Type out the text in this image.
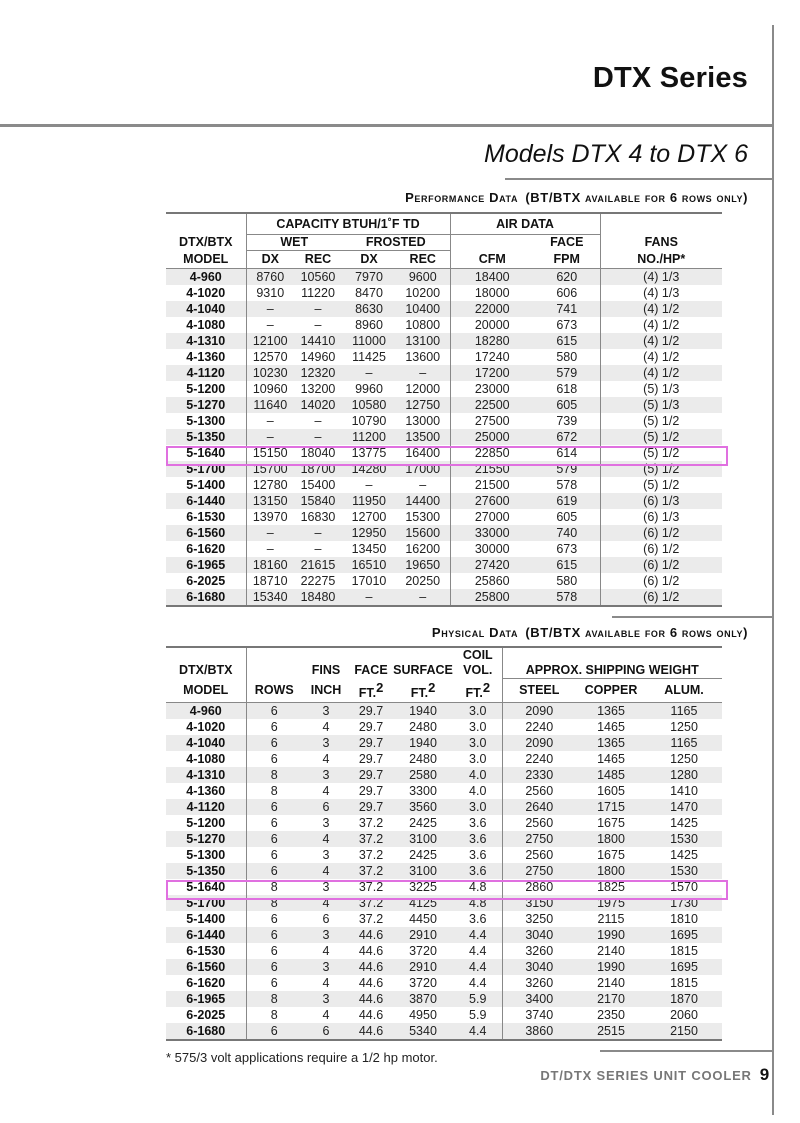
DTX Series
Models DTX 4 to DTX 6
Performance Data (BT/BTX available for 6 rows only)
	CAPACITY BTUH/1˚F TD				AIR DATA		
DTX/BTX	WET		FROSTED			FACE	FANS
MODEL	DX	REC	DX	REC	CFM	FPM	NO./HP*
4-960	8760	10560	7970	9600	18400	620	(4) 1/3
4-1020	9310	11220	8470	10200	18000	606	(4) 1/3
4-1040	–	–	8630	10400	22000	741	(4) 1/2
4-1080	–	–	8960	10800	20000	673	(4) 1/2
4-1310	12100	14410	11000	13100	18280	615	(4) 1/2
4-1360	12570	14960	11425	13600	17240	580	(4) 1/2
4-1120	10230	12320	–	–	17200	579	(4) 1/2
5-1200	10960	13200	9960	12000	23000	618	(5) 1/3
5-1270	11640	14020	10580	12750	22500	605	(5) 1/3
5-1300	–	–	10790	13000	27500	739	(5) 1/2
5-1350	–	–	11200	13500	25000	672	(5) 1/2
5-1640	15150	18040	13775	16400	22850	614	(5) 1/2
5-1700	15700	18700	14280	17000	21550	579	(5) 1/2
5-1400	12780	15400	–	–	21500	578	(5) 1/2
6-1440	13150	15840	11950	14400	27600	619	(6) 1/3
6-1530	13970	16830	12700	15300	27000	605	(6) 1/3
6-1560	–	–	12950	15600	33000	740	(6) 1/2
6-1620	–	–	13450	16200	30000	673	(6) 1/2
6-1965	18160	21615	16510	19650	27420	615	(6) 1/2
6-2025	18710	22275	17010	20250	25860	580	(6) 1/2
6-1680	15340	18480	–	–	25800	578	(6) 1/2
Physical Data (BT/BTX available for 6 rows only)
					COIL			
DTX/BTX		FINS	FACE	SURFACE	VOL.	APPROX. SHIPPING WEIGHT		
MODEL	ROWS	INCH	FT.$^2$	FT.$^2$	FT.$^2$	STEEL	COPPER	ALUM.
4-960	6	3	29.7	1940	3.0	2090	1365	1165
4-1020	6	4	29.7	2480	3.0	2240	1465	1250
4-1040	6	3	29.7	1940	3.0	2090	1365	1165
4-1080	6	4	29.7	2480	3.0	2240	1465	1250
4-1310	8	3	29.7	2580	4.0	2330	1485	1280
4-1360	8	4	29.7	3300	4.0	2560	1605	1410
4-1120	6	6	29.7	3560	3.0	2640	1715	1470
5-1200	6	3	37.2	2425	3.6	2560	1675	1425
5-1270	6	4	37.2	3100	3.6	2750	1800	1530
5-1300	6	3	37.2	2425	3.6	2560	1675	1425
5-1350	6	4	37.2	3100	3.6	2750	1800	1530
5-1640	8	3	37.2	3225	4.8	2860	1825	1570
5-1700	8	4	37.2	4125	4.8	3150	1975	1730
5-1400	6	6	37.2	4450	3.6	3250	2115	1810
6-1440	6	3	44.6	2910	4.4	3040	1990	1695
6-1530	6	4	44.6	3720	4.4	3260	2140	1815
6-1560	6	3	44.6	2910	4.4	3040	1990	1695
6-1620	6	4	44.6	3720	4.4	3260	2140	1815
6-1965	8	3	44.6	3870	5.9	3400	2170	1870
6-2025	8	4	44.6	4950	5.9	3740	2350	2060
6-1680	6	6	44.6	5340	4.4	3860	2515	2150
* 575/3 volt applications require a 1/2 hp motor.
DT/DTX SERIES UNIT COOLER 9
